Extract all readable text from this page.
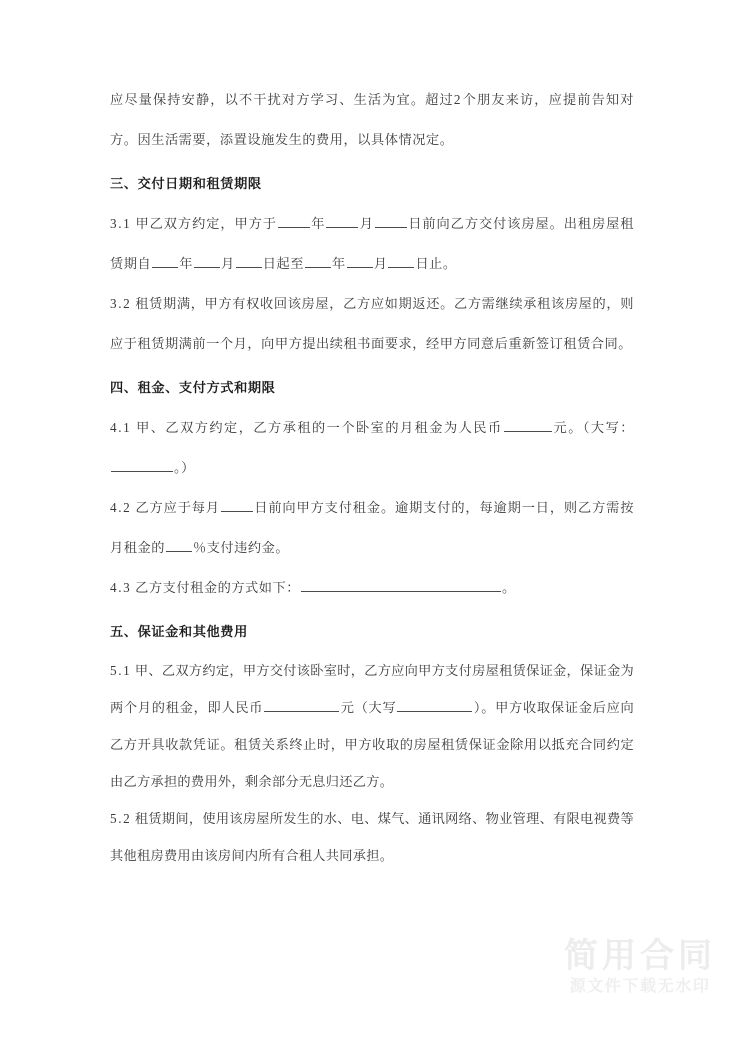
应尽量保持安静，以不干扰对方学习、生活为宜。超过2个朋友来访，应提前告知对方。因生活需要，添置设施发生的费用，以具体情况定。

三、交付日期和租赁期限

3.1 甲乙双方约定，甲方于	年	月	日前向乙方交付该房屋。出租房屋租赁期自 年 月 日起至 年 月 日止。

3.2 租赁期满，甲方有权收回该房屋，乙方应如期返还。乙方需继续承租该房屋的，则应于租赁期满前一个月，向甲方提出续租书面要求，经甲方同意后重新签订租赁合同。

四、租金、支付方式和期限

4.1 甲、乙双方约定，乙方承租的一个卧室的月租金为人民币	元。（大写：。）

4.2 乙方应于每月	日前向甲方支付租金。逾期支付的，每逾期一日，则乙方需按月租金的 ％支付违约金。

4.3 乙方支付租金的方式如下：	。

五、保证金和其他费用

5.1 甲、乙双方约定，甲方交付该卧室时，乙方应向甲方支付房屋租赁保证金，保证金为两个月的租金，即人民币	元（大写	）。甲方收取保证金后应向乙方开具收款凭证。租赁关系终止时，甲方收取的房屋租赁保证金除用以抵充合同约定由乙方承担的费用外，剩余部分无息归还乙方。

5.2 租赁期间，使用该房屋所发生的水、电、煤气、通讯网络、物业管理、有限电视费等其他租房费用由该房间内所有合租人共同承担。

简用合同
源文件下载无水印
